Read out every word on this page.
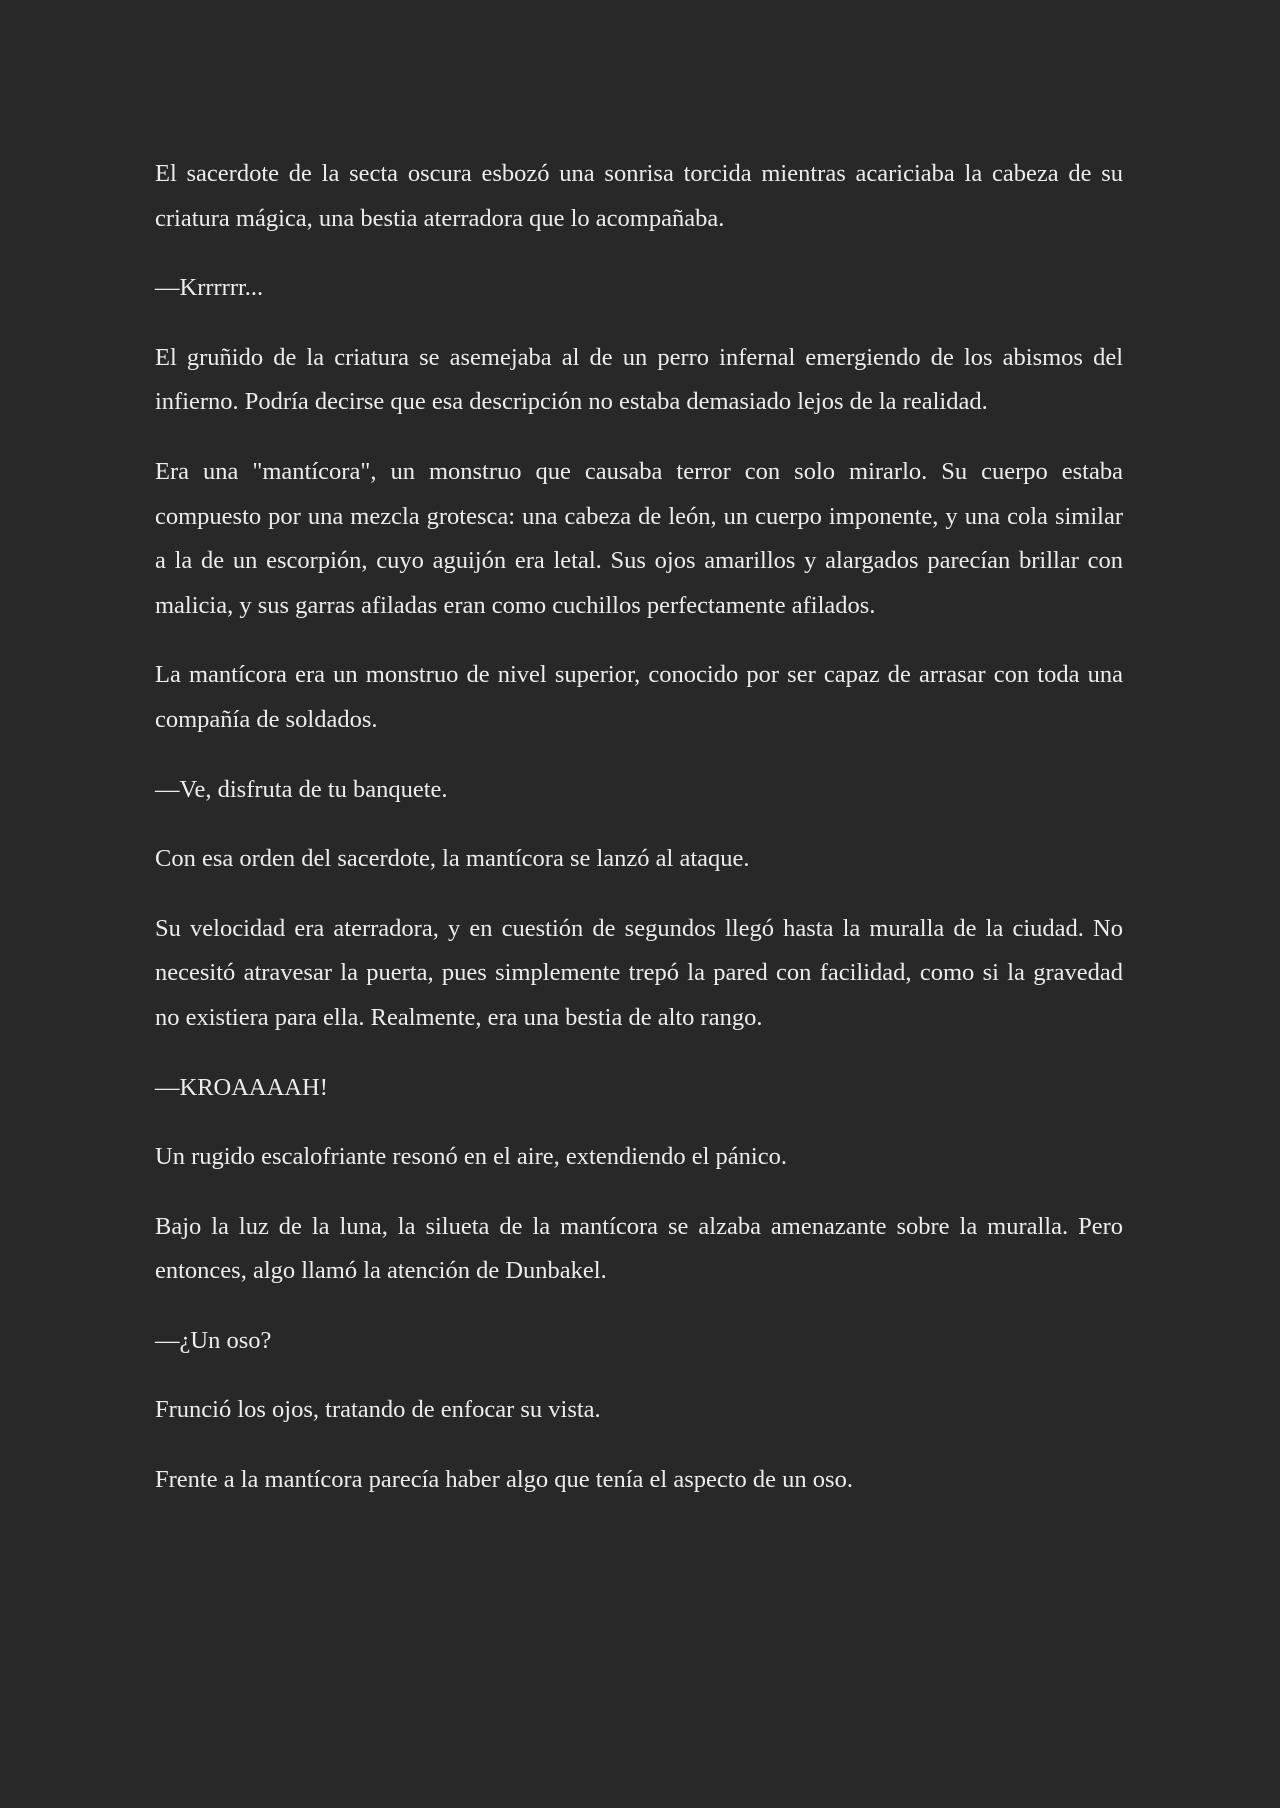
El sacerdote de la secta oscura esbozó una sonrisa torcida mientras acariciaba la cabeza de su criatura mágica, una bestia aterradora que lo acompañaba.

—Krrrrrr...

El gruñido de la criatura se asemejaba al de un perro infernal emergiendo de los abismos del infierno. Podría decirse que esa descripción no estaba demasiado lejos de la realidad.

Era una "mantícora", un monstruo que causaba terror con solo mirarlo. Su cuerpo estaba compuesto por una mezcla grotesca: una cabeza de león, un cuerpo imponente, y una cola similar a la de un escorpión, cuyo aguijón era letal. Sus ojos amarillos y alargados parecían brillar con malicia, y sus garras afiladas eran como cuchillos perfectamente afilados.

La mantícora era un monstruo de nivel superior, conocido por ser capaz de arrasar con toda una compañía de soldados.

—Ve, disfruta de tu banquete.

Con esa orden del sacerdote, la mantícora se lanzó al ataque.

Su velocidad era aterradora, y en cuestión de segundos llegó hasta la muralla de la ciudad. No necesitó atravesar la puerta, pues simplemente trepó la pared con facilidad, como si la gravedad no existiera para ella. Realmente, era una bestia de alto rango.

—KROAAAAH!

Un rugido escalofriante resonó en el aire, extendiendo el pánico.

Bajo la luz de la luna, la silueta de la mantícora se alzaba amenazante sobre la muralla. Pero entonces, algo llamó la atención de Dunbakel.

—¿Un oso?

Frunció los ojos, tratando de enfocar su vista.

Frente a la mantícora parecía haber algo que tenía el aspecto de un oso.
